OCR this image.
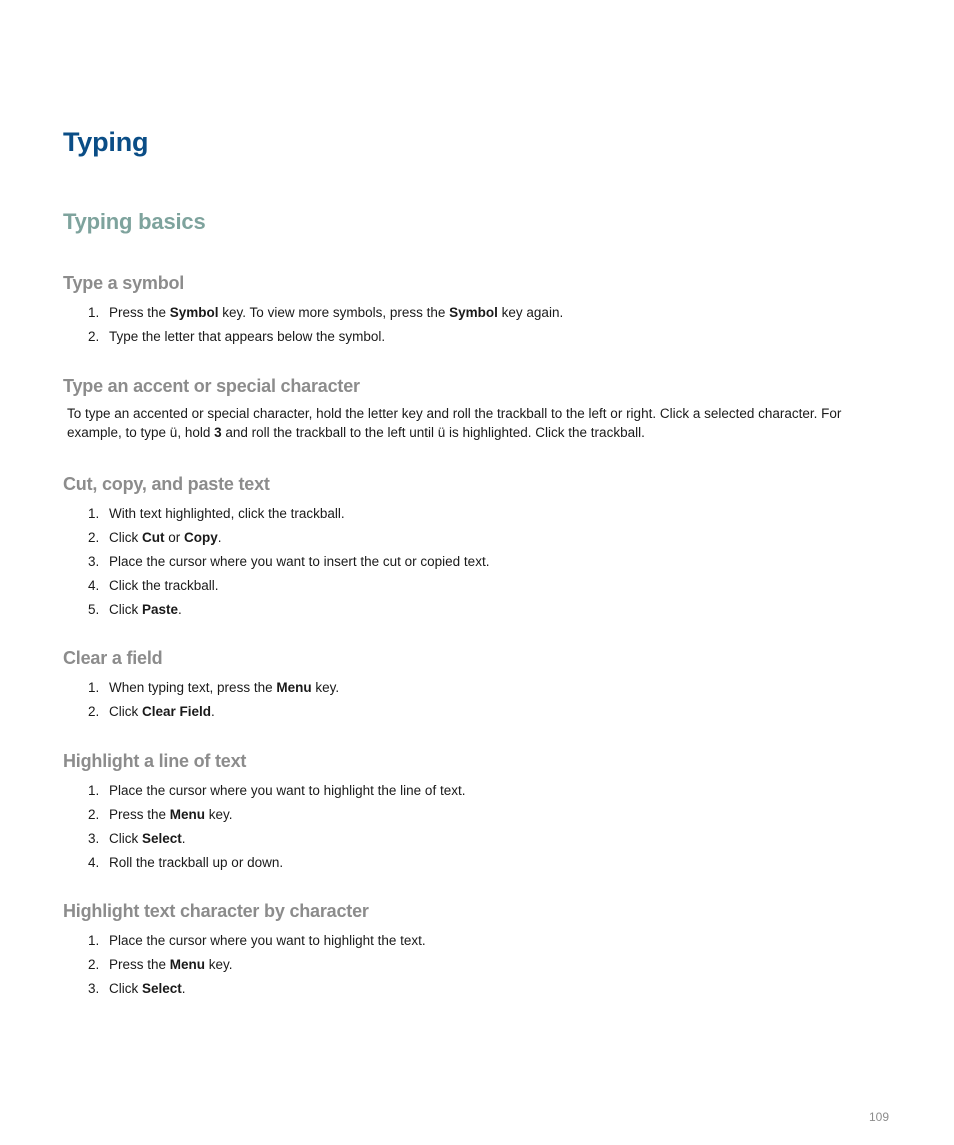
Typing
Typing basics
Type a symbol
1. Press the Symbol key. To view more symbols, press the Symbol key again.
2. Type the letter that appears below the symbol.
Type an accent or special character

To type an accented or special character, hold the letter key and roll the trackball to the left or right. Click a selected character. For example, to type ü, hold 3 and roll the trackball to the left until ü is highlighted. Click the trackball.

Cut, copy, and paste text
1. With text highlighted, click the trackball.
2. Click Cut or Copy.
3. Place the cursor where you want to insert the cut or copied text.
4. Click the trackball.
5. Click Paste.
Clear a field
1. When typing text, press the Menu key.
2. Click Clear Field.
Highlight a line of text
1. Place the cursor where you want to highlight the line of text.
2. Press the Menu key.
3. Click Select.
4. Roll the trackball up or down.
Highlight text character by character
1. Place the cursor where you want to highlight the text.
2. Press the Menu key.
3. Click Select.
109
